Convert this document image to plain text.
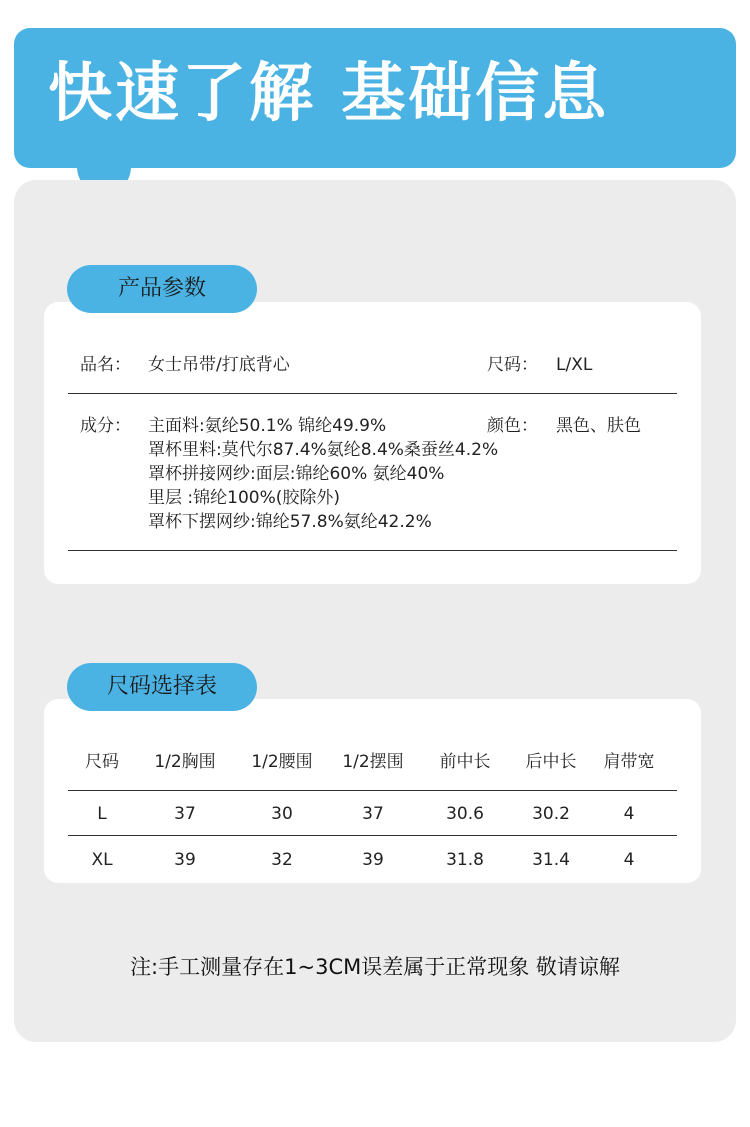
快速了解 基础信息
产品参数
品名： 女士吊带/打底背心	尺码： L/XL
成分： 主面料:氨纶50.1% 锦纶49.9%
罩杯里料:莫代尔87.4%氨纶8.4%桑蚕丝4.2%
罩杯拼接网纱:面层:锦纶60% 氨纶40%
里层 :锦纶100%(胶除外)
罩杯下摆网纱:锦纶57.8%氨纶42.2%
颜色： 黑色、肤色
尺码选择表
尺码	1/2胸围	1/2腰围	1/2摆围	前中长	后中长	肩带宽
L	37	30	37	30.6	30.2	4
XL	39	32	39	31.8	31.4	4
注:手工测量存在1~3CM误差属于正常现象 敬请谅解
